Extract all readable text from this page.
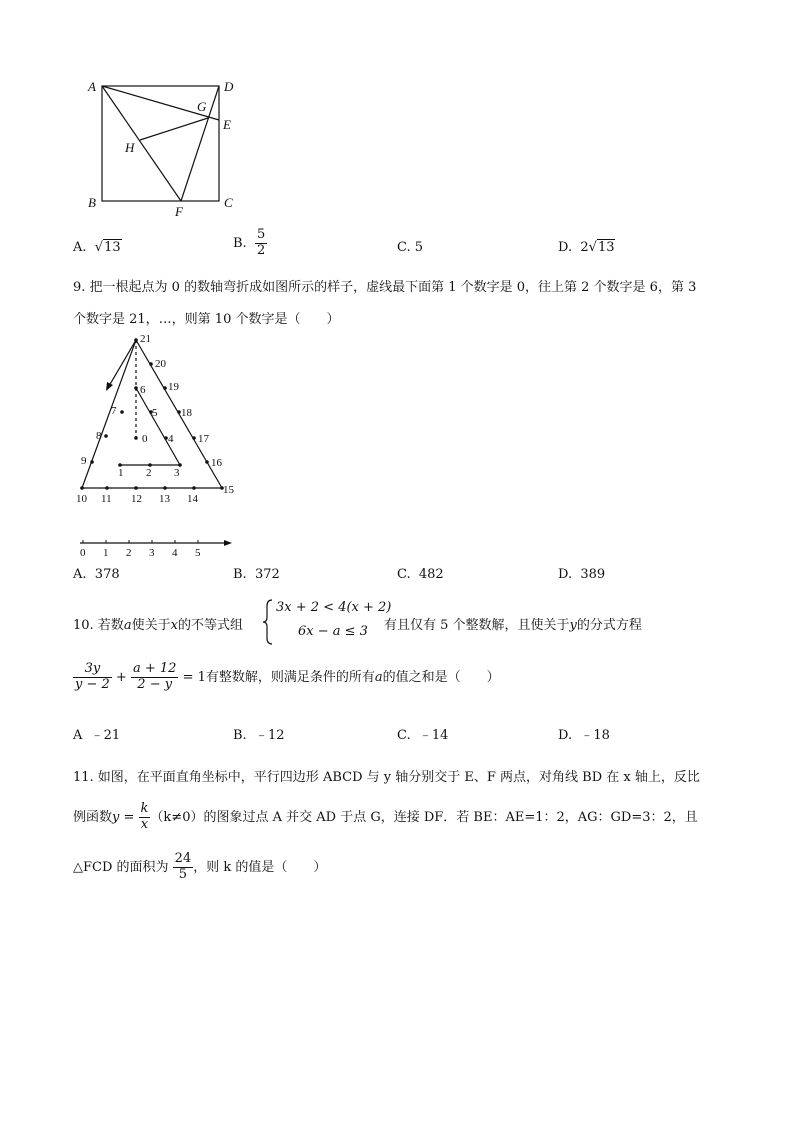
A	D
G
E
H
B
F
C
A. √13	B. $\frac{5}{2}$	C. 5	D. 2√13
9. 把一根起点为 0 的数轴弯折成如图所示的样子，虚线最下面第 1 个数字是 0，往上第 2 个数字是 6，第 3
个数字是 21，…，则第 10 个数字是（　　）
0
1 2 3
4
5
6
7
8
9
10 11 12 13 14
15
16
17
18
19
20
21
0 1 2 3 4 5
A. 378	B. 372	C. 482	D. 389
10. 若数a使关于x的不等式组
3x + 2 < 4(x + 2)
6x − a ≤ 3 有且仅有 5 个整数解，且使关于y的分式方程
$\frac{3y}{y - 2} + \frac{a + 12}{2 - y} = 1$有整数解，则满足条件的所有a的值之和是（　　）
A ﹣21	B. ﹣12	C. ﹣14	D. ﹣18
11. 如图，在平面直角坐标中，平行四边形 ABCD 与 y 轴分别交于 E、F 两点，对角线 BD 在 x 轴上，反比
例函数$y = \frac{k}{x} (k\ne 0)$的图象过点 A 并交 AD 于点 G，连接 DF．若 BE：AE=1：2，AG：GD=3：2，且
△FCD 的面积为 $\frac{24}{5}$ ，则 k 的值是（　　）
